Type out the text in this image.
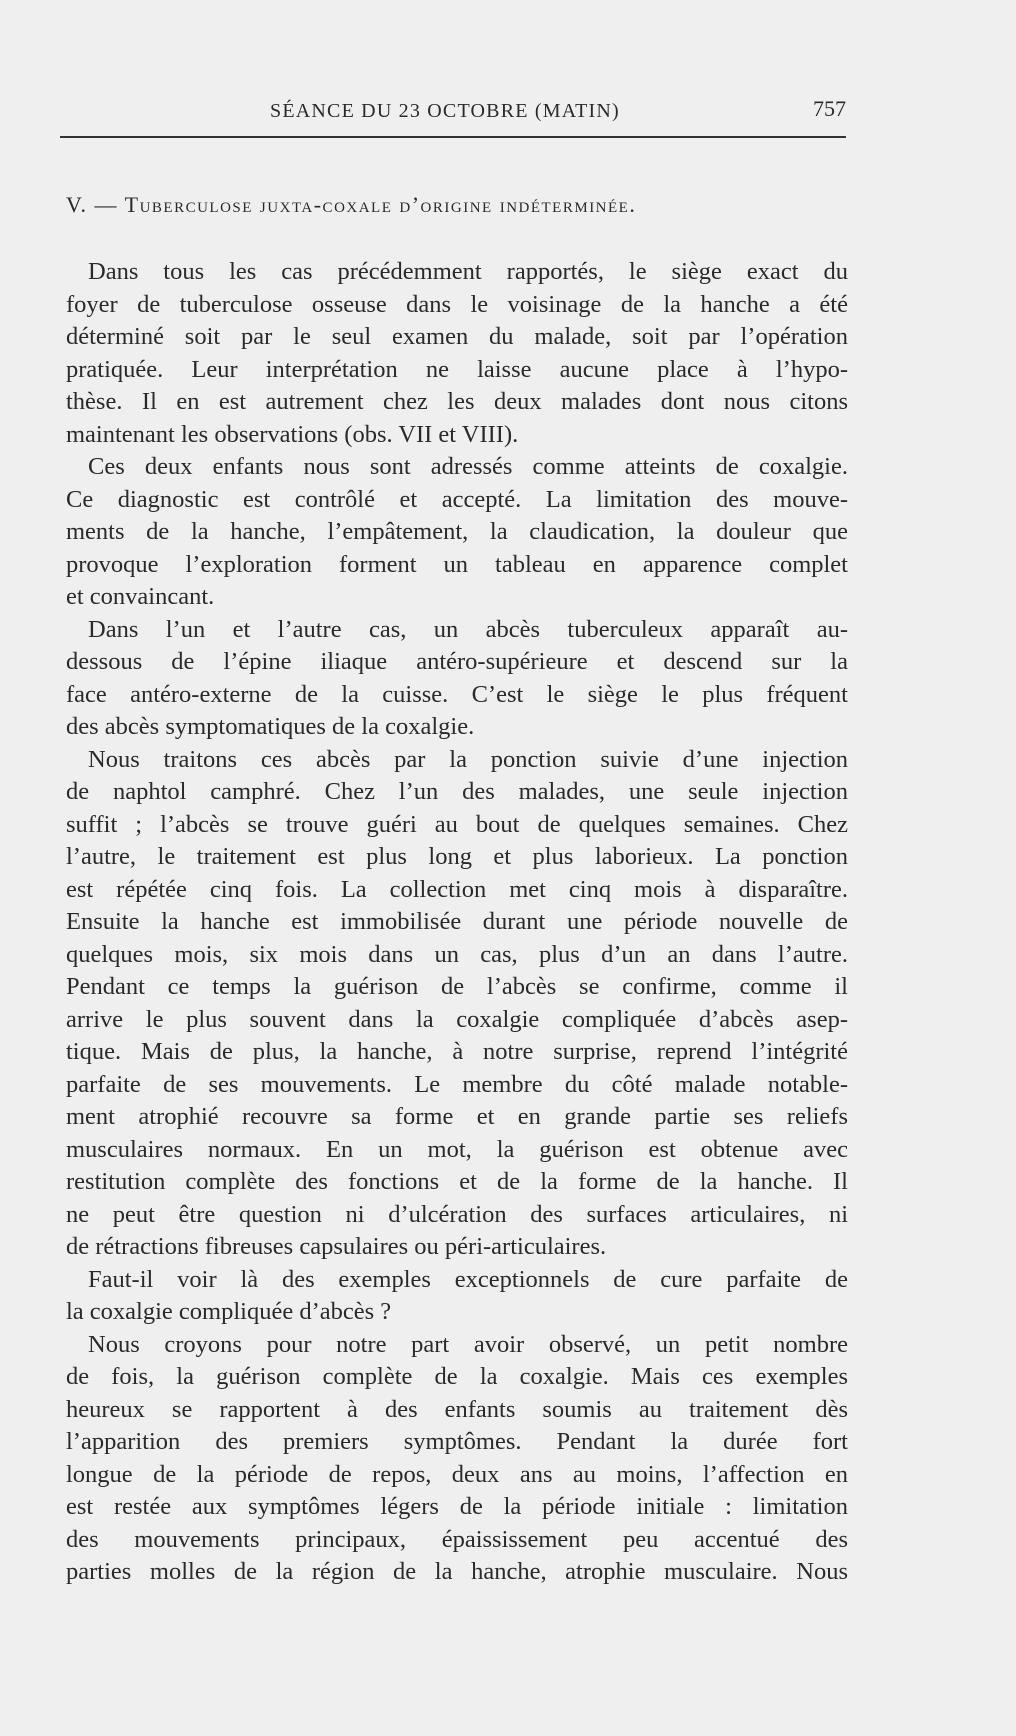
SÉANCE DU 23 OCTOBRE (MATIN)	757
V. — Tuberculose juxta-coxale d’origine indéterminée.
Dans tous les cas précédemment rapportés, le siège exact du
foyer de tuberculose osseuse dans le voisinage de la hanche a été
déterminé soit par le seul examen du malade, soit par l’opération
pratiquée. Leur interprétation ne laisse aucune place à l’hypo-
thèse. Il en est autrement chez les deux malades dont nous citons
maintenant les observations (obs. VII et VIII).
Ces deux enfants nous sont adressés comme atteints de coxalgie.
Ce diagnostic est contrôlé et accepté. La limitation des mouve-
ments de la hanche, l’empâtement, la claudication, la douleur que
provoque l’exploration forment un tableau en apparence complet
et convaincant.
Dans l’un et l’autre cas, un abcès tuberculeux apparaît au-
dessous de l’épine iliaque antéro-supérieure et descend sur la
face antéro-externe de la cuisse. C’est le siège le plus fréquent
des abcès symptomatiques de la coxalgie.
Nous traitons ces abcès par la ponction suivie d’une injection
de naphtol camphré. Chez l’un des malades, une seule injection
suffit ; l’abcès se trouve guéri au bout de quelques semaines. Chez
l’autre, le traitement est plus long et plus laborieux. La ponction
est répétée cinq fois. La collection met cinq mois à disparaître.
Ensuite la hanche est immobilisée durant une période nouvelle de
quelques mois, six mois dans un cas, plus d’un an dans l’autre.
Pendant ce temps la guérison de l’abcès se confirme, comme il
arrive le plus souvent dans la coxalgie compliquée d’abcès asep-
tique. Mais de plus, la hanche, à notre surprise, reprend l’intégrité
parfaite de ses mouvements. Le membre du côté malade notable-
ment atrophié recouvre sa forme et en grande partie ses reliefs
musculaires normaux. En un mot, la guérison est obtenue avec
restitution complète des fonctions et de la forme de la hanche. Il
ne peut être question ni d’ulcération des surfaces articulaires, ni
de rétractions fibreuses capsulaires ou péri-articulaires.
Faut-il voir là des exemples exceptionnels de cure parfaite de
la coxalgie compliquée d’abcès ?
Nous croyons pour notre part avoir observé, un petit nombre
de fois, la guérison complète de la coxalgie. Mais ces exemples
heureux se rapportent à des enfants soumis au traitement dès
l’apparition des premiers symptômes. Pendant la durée fort
longue de la période de repos, deux ans au moins, l’affection en
est restée aux symptômes légers de la période initiale : limitation
des mouvements principaux, épaississement peu accentué des
parties molles de la région de la hanche, atrophie musculaire. Nous
